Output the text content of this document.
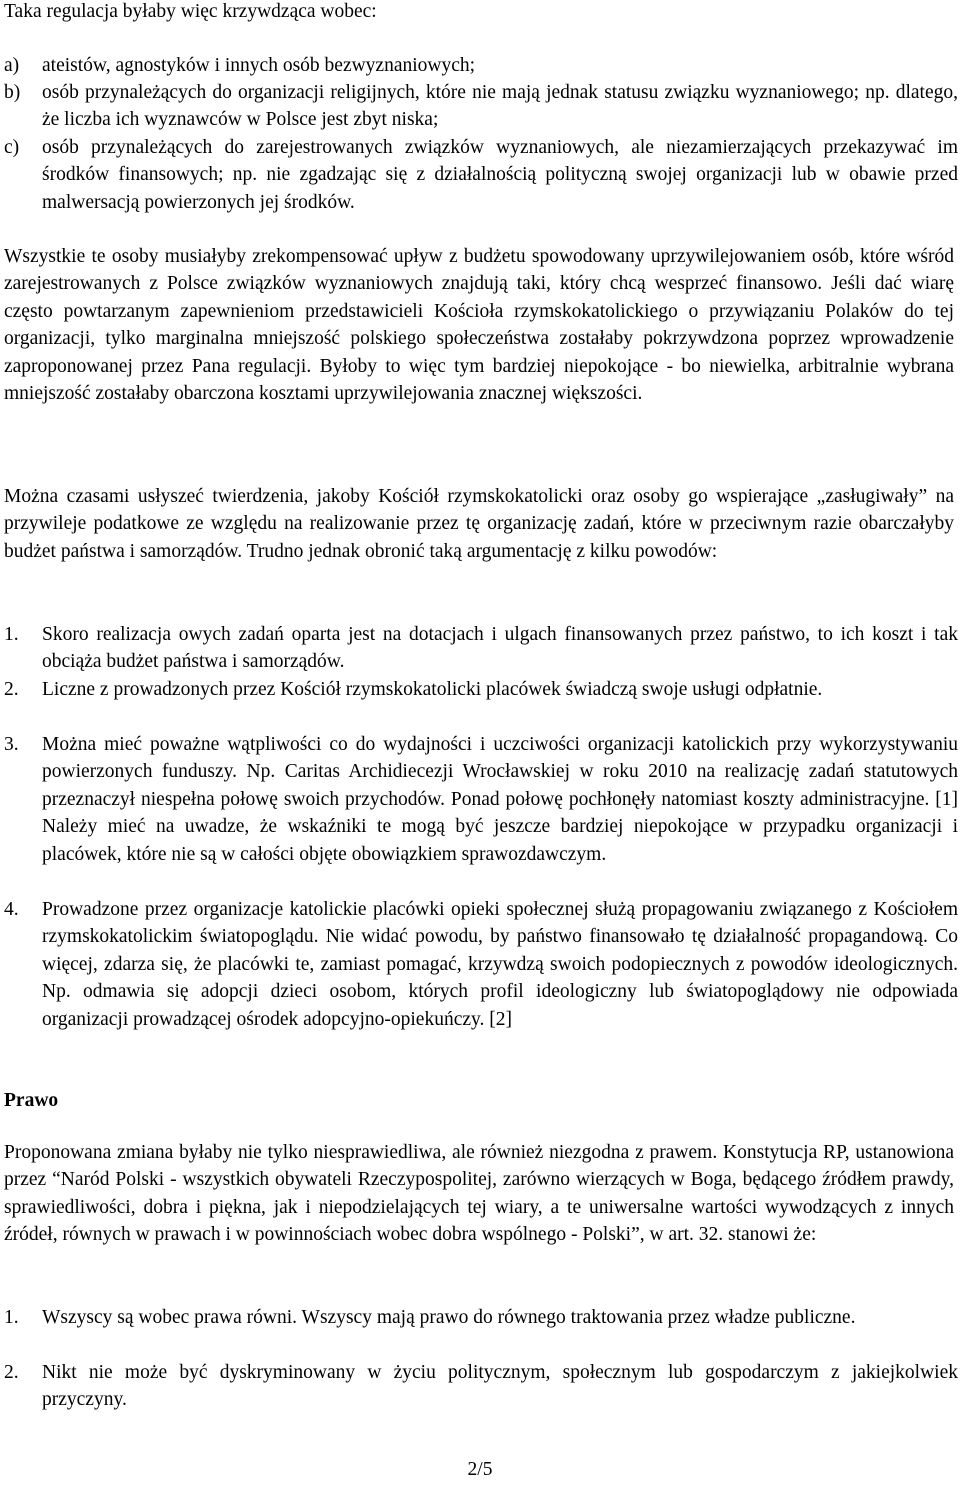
Taka regulacja byłaby więc krzywdząca wobec:

a) ateistów, agnostyków i innych osób bezwyznaniowych;
b) osób przynależących do organizacji religijnych, które nie mają jednak statusu związku wyznaniowego; np. dlatego, że liczba ich wyznawców w Polsce jest zbyt niska;
c) osób przynależących do zarejestrowanych związków wyznaniowych, ale niezamierzających przekazywać im środków finansowych; np. nie zgadzając się z działalnością polityczną swojej organizacji lub w obawie przed malwersacją powierzonych jej środków.

Wszystkie te osoby musiałyby zrekompensować upływ z budżetu spowodowany uprzywilejowaniem osób, które wśród zarejestrowanych z Polsce związków wyznaniowych znajdują taki, który chcą wesprzeć finansowo. Jeśli dać wiarę często powtarzanym zapewnieniom przedstawicieli Kościoła rzymskokatolickiego o przywiązaniu Polaków do tej organizacji, tylko marginalna mniejszość polskiego społeczeństwa zostałaby pokrzywdzona poprzez wprowadzenie zaproponowanej przez Pana regulacji. Byłoby to więc tym bardziej niepokojące - bo niewielka, arbitralnie wybrana mniejszość zostałaby obarczona kosztami uprzywilejowania znacznej większości.

Można czasami usłyszeć twierdzenia, jakoby Kościół rzymskokatolicki oraz osoby go wspierające „zasługiwały” na przywileje podatkowe ze względu na realizowanie przez tę organizację zadań, które w przeciwnym razie obarczałyby budżet państwa i samorządów. Trudno jednak obronić taką argumentację z kilku powodów:

1. Skoro realizacja owych zadań oparta jest na dotacjach i ulgach finansowanych przez państwo, to ich koszt i tak obciąża budżet państwa i samorządów.
2. Liczne z prowadzonych przez Kościół rzymskokatolicki placówek świadczą swoje usługi odpłatnie.
3. Można mieć poważne wątpliwości co do wydajności i uczciwości organizacji katolickich przy wykorzystywaniu powierzonych funduszy. Np. Caritas Archidiecezji Wrocławskiej w roku 2010 na realizację zadań statutowych przeznaczył niespełna połowę swoich przychodów. Ponad połowę pochłonęły natomiast koszty administracyjne. [1] Należy mieć na uwadze, że wskaźniki te mogą być jeszcze bardziej niepokojące w przypadku organizacji i placówek, które nie są w całości objęte obowiązkiem sprawozdawczym.
4. Prowadzone przez organizacje katolickie placówki opieki społecznej służą propagowaniu związanego z Kościołem rzymskokatolickim światopoglądu. Nie widać powodu, by państwo finansowało tę działalność propagandową. Co więcej, zdarza się, że placówki te, zamiast pomagać, krzywdzą swoich podopiecznych z powodów ideologicznych. Np. odmawia się adopcji dzieci osobom, których profil ideologiczny lub światopoglądowy nie odpowiada organizacji prowadzącej ośrodek adopcyjno-opiekuńczy. [2]

Prawo

Proponowana zmiana byłaby nie tylko niesprawiedliwa, ale również niezgodna z prawem. Konstytucja RP, ustanowiona przez “Naród Polski - wszystkich obywateli Rzeczypospolitej, zarówno wierzących w Boga, będącego źródłem prawdy, sprawiedliwości, dobra i piękna, jak i niepodzielających tej wiary, a te uniwersalne wartości wywodzących z innych źródeł, równych w prawach i w powinnościach wobec dobra wspólnego - Polski”, w art. 32. stanowi że:

1. Wszyscy są wobec prawa równi. Wszyscy mają prawo do równego traktowania przez władze publiczne.
2. Nikt nie może być dyskryminowany w życiu politycznym, społecznym lub gospodarczym z jakiejkolwiek przyczyny.
2/5
